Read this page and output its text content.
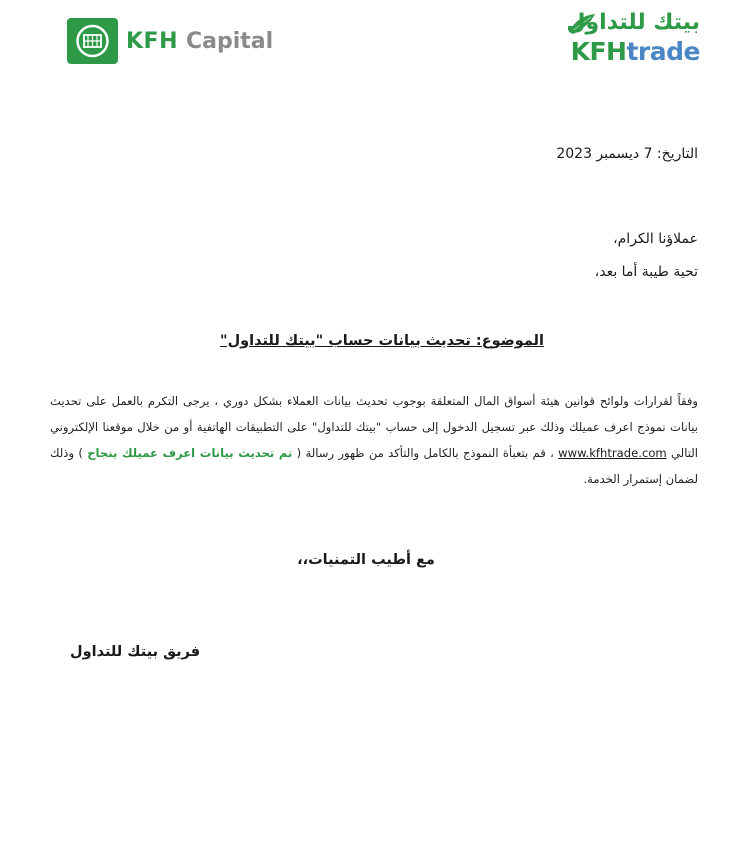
KFH Capital
بيتك للتداول
KFHtrade
التاريخ: 7 ديسمبر 2023
عملاؤنا الكرام،
تحية طيبة أما بعد،
الموضوع: تحديث بيانات حساب "بيتك للتداول"
وفقاً لقرارات ولوائح قوانين هيئة أسواق المال المتعلقة بوجوب تحديث بيانات العملاء بشكل دوري ، يرجى التكرم بالعمل على تحديث بيانات نموذج اعرف عميلك وذلك عبر تسجيل الدخول إلى حساب "بيتك للتداول" على التطبيقات الهاتفية أو من خلال موقعنا الإلكتروني التالي www.kfhtrade.com ، قم بتعبأة النموذج بالكامل والتأكد من ظهور رسالة ( تم تحديث بيانات اعرف عميلك بنجاح ) وذلك لضمان إستمرار الخدمة.
مع أطيب التمنيات،،
فريق بيتك للتداول
